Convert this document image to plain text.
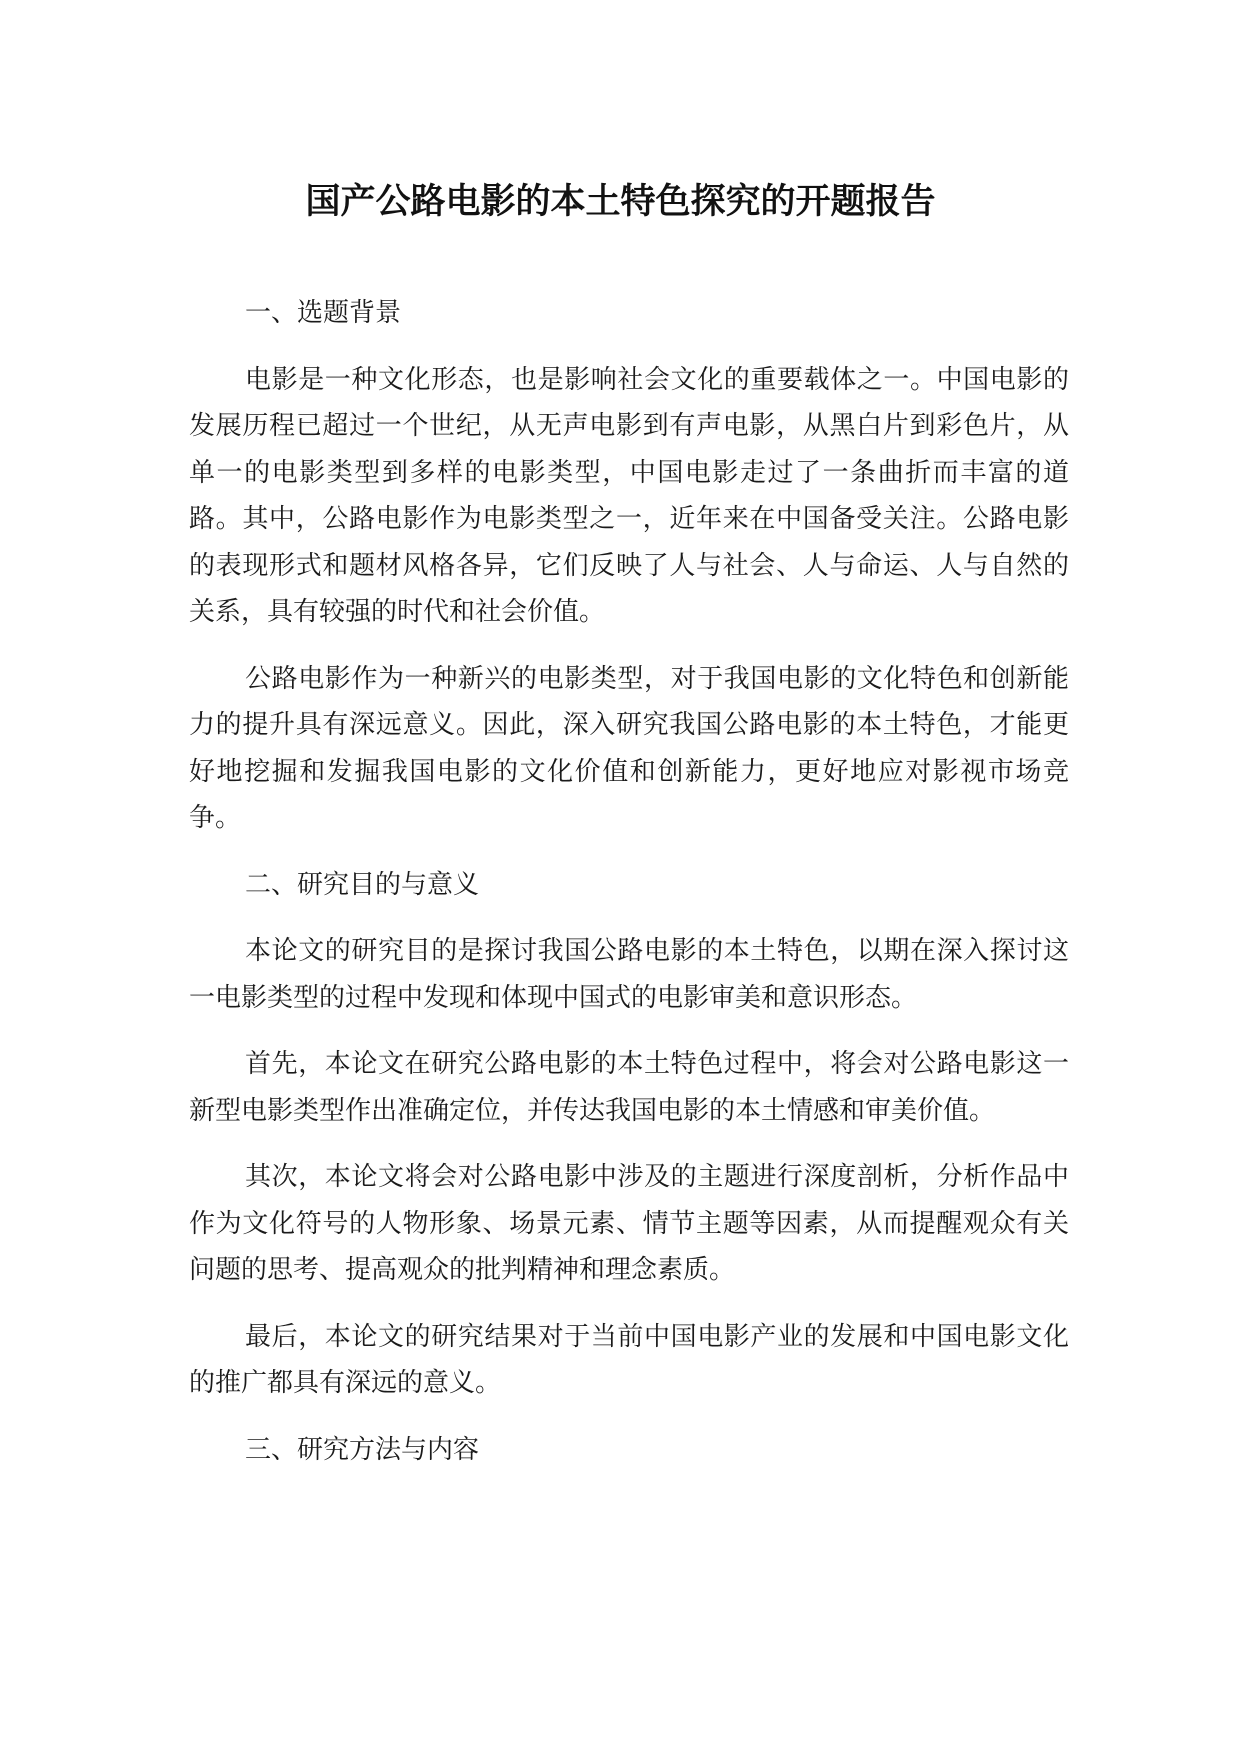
国产公路电影的本土特色探究的开题报告
一、选题背景

电影是一种文化形态，也是影响社会文化的重要载体之一。中国电影的发展历程已超过一个世纪，从无声电影到有声电影，从黑白片到彩色片，从单一的电影类型到多样的电影类型，中国电影走过了一条曲折而丰富的道路。其中，公路电影作为电影类型之一，近年来在中国备受关注。公路电影的表现形式和题材风格各异，它们反映了人与社会、人与命运、人与自然的关系，具有较强的时代和社会价值。

公路电影作为一种新兴的电影类型，对于我国电影的文化特色和创新能力的提升具有深远意义。因此，深入研究我国公路电影的本土特色，才能更好地挖掘和发掘我国电影的文化价值和创新能力，更好地应对影视市场竞争。

二、研究目的与意义

本论文的研究目的是探讨我国公路电影的本土特色，以期在深入探讨这一电影类型的过程中发现和体现中国式的电影审美和意识形态。

首先，本论文在研究公路电影的本土特色过程中，将会对公路电影这一新型电影类型作出准确定位，并传达我国电影的本土情感和审美价值。

其次，本论文将会对公路电影中涉及的主题进行深度剖析，分析作品中作为文化符号的人物形象、场景元素、情节主题等因素，从而提醒观众有关问题的思考、提高观众的批判精神和理念素质。

最后，本论文的研究结果对于当前中国电影产业的发展和中国电影文化的推广都具有深远的意义。

三、研究方法与内容
